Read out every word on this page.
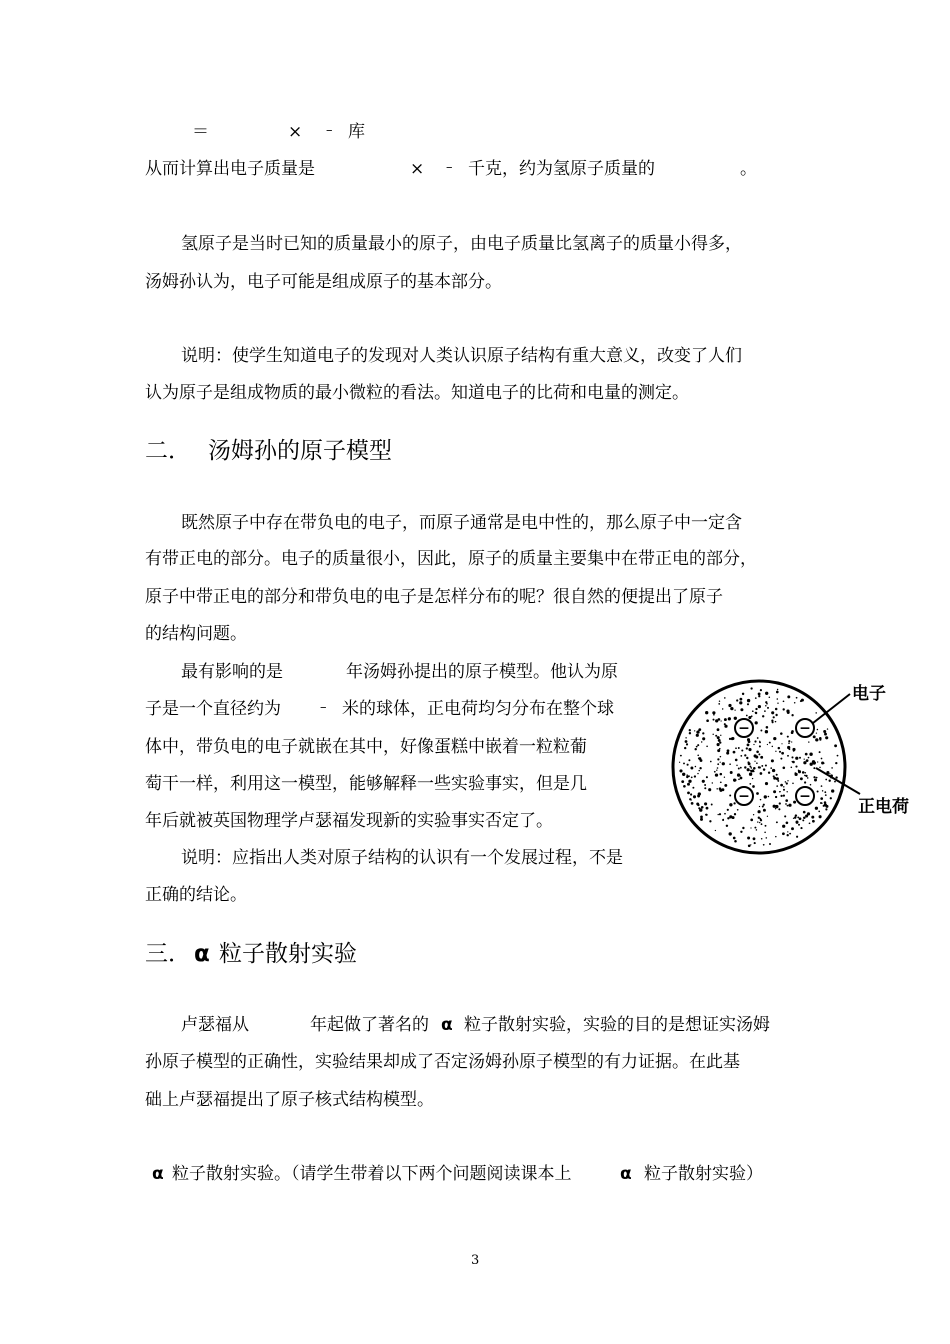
＝	× – 库
从而计算出电子质量是	× – 千克，约为氢原子质量的	。
氢原子是当时已知的质量最小的原子，由电子质量比氢离子的质量小得多，
汤姆孙认为，电子可能是组成原子的基本部分。
说明：使学生知道电子的发现对人类认识原子结构有重大意义，改变了人们
认为原子是组成物质的最小微粒的看法。知道电子的比荷和电量的测定。
二． 汤姆孙的原子模型
既然原子中存在带负电的电子，而原子通常是电中性的，那么原子中一定含
有带正电的部分。电子的质量很小，因此，原子的质量主要集中在带正电的部分，
原子中带正电的部分和带负电的电子是怎样分布的呢？很自然的便提出了原子
的结构问题。
最有影响的是	年汤姆孙提出的原子模型。他认为原
子是一个直径约为	– 米的球体，正电荷均匀分布在整个球
体中，带负电的电子就嵌在其中，好像蛋糕中嵌着一粒粒葡
萄干一样，利用这一模型，能够解释一些实验事实，但是几
年后就被英国物理学卢瑟福发现新的实验事实否定了。
说明：应指出人类对原子结构的认识有一个发展过程，不是
正确的结论。
−	−
−	−
电子
正电荷
三． α 粒子散射实验
卢瑟福从	年起做了著名的 α 粒子散射实验，实验的目的是想证实汤姆
孙原子模型的正确性，实验结果却成了否定汤姆孙原子模型的有力证据。在此基
础上卢瑟福提出了原子核式结构模型。
α 粒子散射实验。（请学生带着以下两个问题阅读课本上	α 粒子散射实验）
3
